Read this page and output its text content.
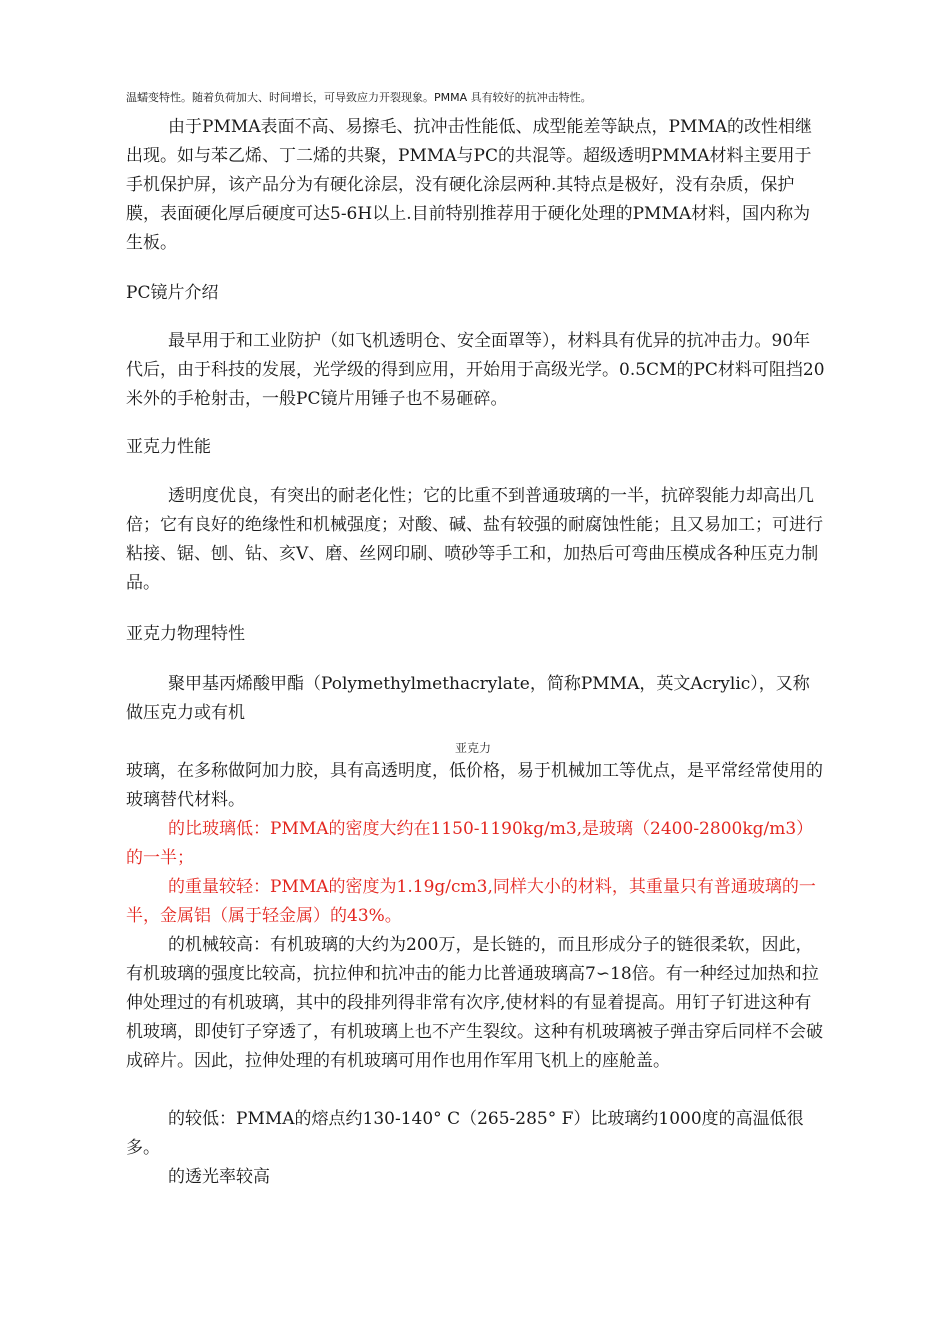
温蠕变特性。随着负荷加大、时间增长，可导致应力开裂现象。PMMA 具有较好的抗冲击特性。

由于PMMA表面不高、易擦毛、抗冲击性能低、成型能差等缺点，PMMA的改性相继出现。如与苯乙烯、丁二烯的共聚，PMMA与PC的共混等。超级透明PMMA材料主要用于手机保护屏，该产品分为有硬化涂层，没有硬化涂层两种.其特点是极好，没有杂质，保护膜，表面硬化厚后硬度可达5-6H以上.目前特别推荐用于硬化处理的PMMA材料，国内称为生板。

PC镜片介绍

最早用于和工业防护（如飞机透明仓、安全面罩等），材料具有优异的抗冲击力。90年代后，由于科技的发展，光学级的得到应用，开始用于高级光学。0.5CM的PC材料可阻挡20米外的手枪射击，一般PC镜片用锤子也不易砸碎。

亚克力性能

透明度优良，有突出的耐老化性；它的比重不到普通玻璃的一半，抗碎裂能力却高出几倍；它有良好的绝缘性和机械强度；对酸、碱、盐有较强的耐腐蚀性能；且又易加工；可进行粘接、锯、刨、钻、亥V、磨、丝网印刷、喷砂等手工和，加热后可弯曲压模成各种压克力制品。

亚克力物理特性

聚甲基丙烯酸甲酯（Polymethylmethacrylate，简称PMMA，英文Acrylic），又称做压克力或有机

亚克力

玻璃，在多称做阿加力胶，具有高透明度，低价格，易于机械加工等优点，是平常经常使用的玻璃替代材料。

的比玻璃低：PMMA的密度大约在1150-1190kg/m3,是玻璃（2400-2800kg/m3）的一半；

的重量较轻：PMMA的密度为1.19g/cm3,同样大小的材料，其重量只有普通玻璃的一半，金属铝（属于轻金属）的43%。

的机械较高：有机玻璃的大约为200万，是长链的，而且形成分子的链很柔软，因此，有机玻璃的强度比较高，抗拉伸和抗冲击的能力比普通玻璃高7∽18倍。有一种经过加热和拉伸处理过的有机玻璃，其中的段排列得非常有次序,使材料的有显着提高。用钉子钉进这种有机玻璃，即使钉子穿透了，有机玻璃上也不产生裂纹。这种有机玻璃被子弹击穿后同样不会破成碎片。因此，拉伸处理的有机玻璃可用作也用作军用飞机上的座舱盖。

的较低：PMMA的熔点约130-140° C（265-285° F）比玻璃约1000度的高温低很多。

的透光率较高
